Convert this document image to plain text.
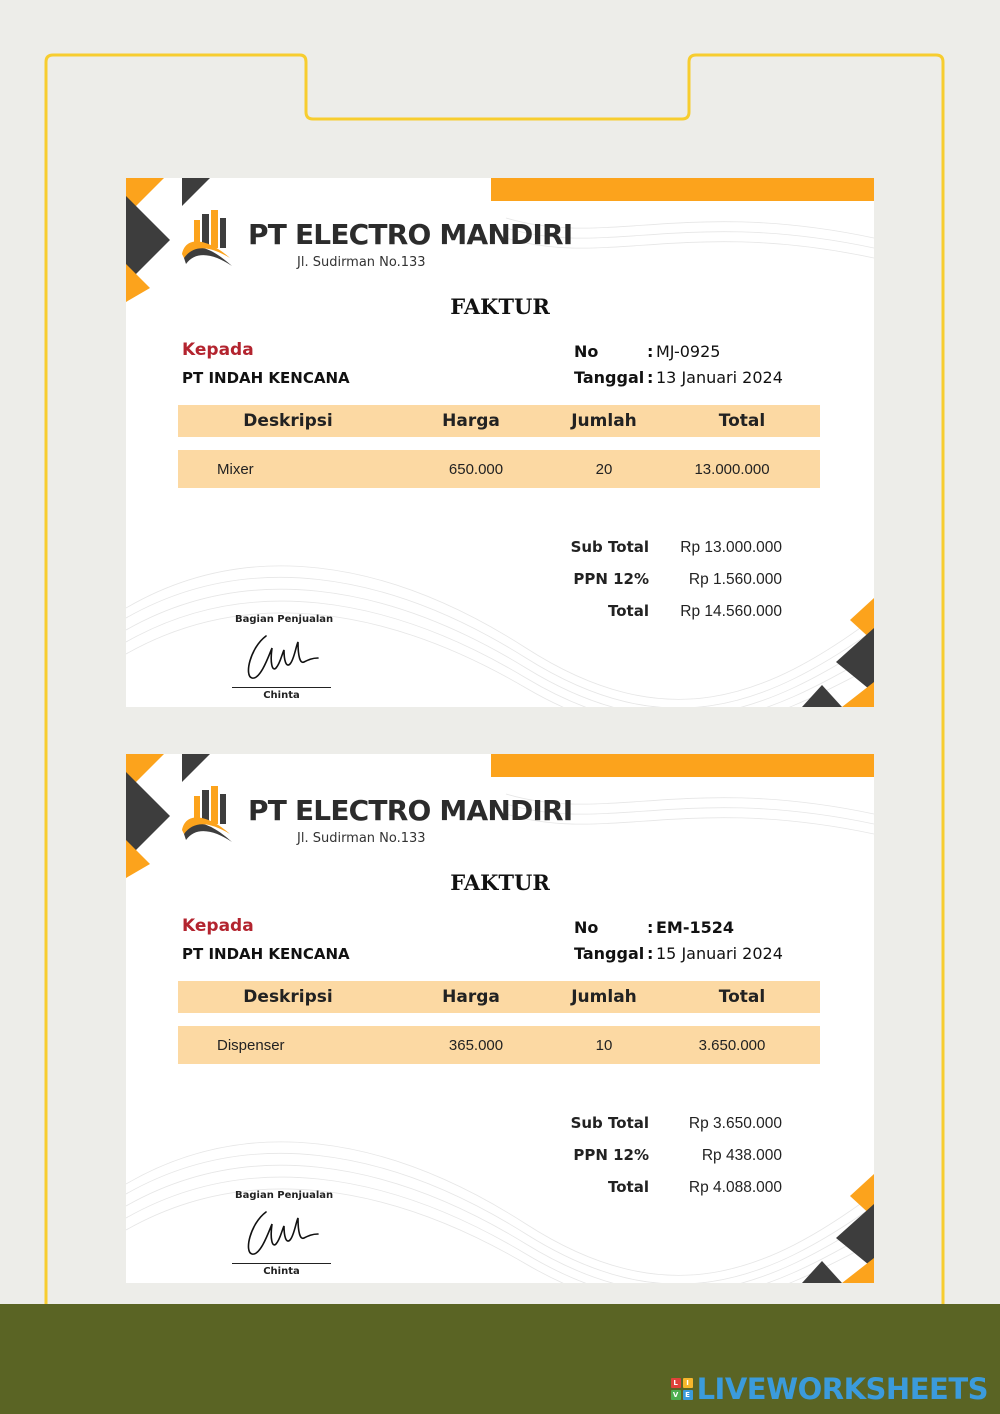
PT ELECTRO MANDIRI
Jl. Sudirman No.133
FAKTUR
Kepada
PT INDAH KENCANA
No	: MJ-0925
Tanggal : 13 Januari 2024
Deskripsi	Harga	Jumlah	Total
Mixer	650.000	20	13.000.000
Sub Total Rp 13.000.000
PPN 12%	Rp 1.560.000
Total Rp 14.560.000
Bagian Penjualan
Chinta
PT ELECTRO MANDIRI
Jl. Sudirman No.133
FAKTUR
Kepada
PT INDAH KENCANA
No	: EM-1524
Tanggal : 15 Januari 2024
Deskripsi	Harga	Jumlah	Total
Dispenser	365.000	10	3.650.000
Sub Total	Rp 3.650.000
PPN 12%	Rp 438.000
Total	Rp 4.088.000
Bagian Penjualan
Chinta
L	I
V E LIVEWORKSHEETS
